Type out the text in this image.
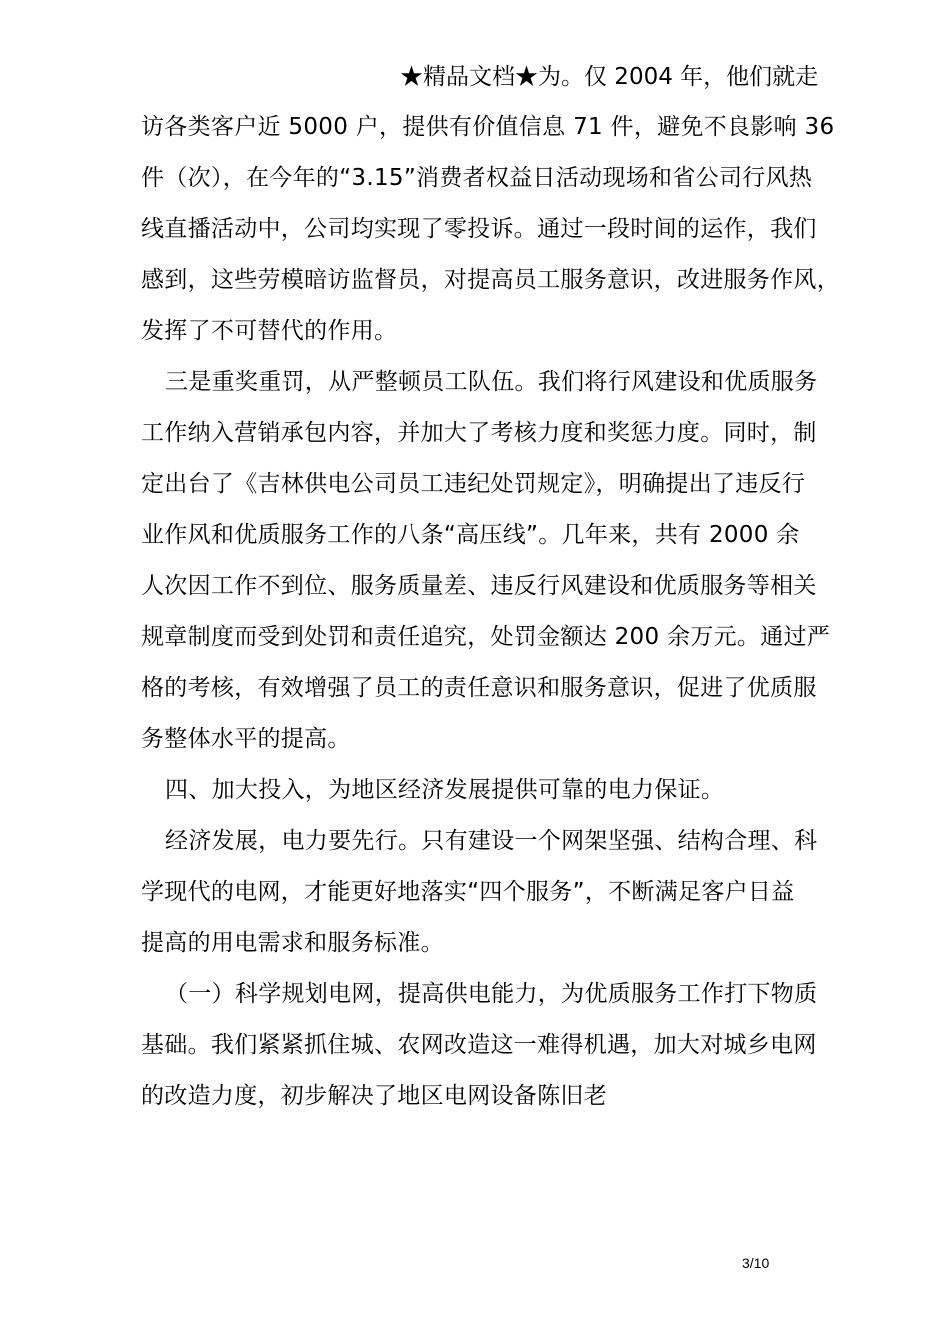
★精品文档★为。仅 2004 年，他们就走
访各类客户近 5000 户，提供有价值信息 71 件，避免不良影响 36
件（次），在今年的“3.15”消费者权益日活动现场和省公司行风热
线直播活动中，公司均实现了零投诉。通过一段时间的运作，我们
感到，这些劳模暗访监督员，对提高员工服务意识，改进服务作风，
发挥了不可替代的作用。
三是重奖重罚，从严整顿员工队伍。我们将行风建设和优质服务
工作纳入营销承包内容，并加大了考核力度和奖惩力度。同时，制
定出台了《吉林供电公司员工违纪处罚规定》，明确提出了违反行
业作风和优质服务工作的八条“高压线”。几年来，共有 2000 余
人次因工作不到位、服务质量差、违反行风建设和优质服务等相关
规章制度而受到处罚和责任追究，处罚金额达 200 余万元。通过严
格的考核，有效增强了员工的责任意识和服务意识，促进了优质服
务整体水平的提高。
四、加大投入，为地区经济发展提供可靠的电力保证。
经济发展，电力要先行。只有建设一个网架坚强、结构合理、科
学现代的电网，才能更好地落实“四个服务”，不断满足客户日益
提高的用电需求和服务标准。
（一）科学规划电网，提高供电能力，为优质服务工作打下物质
基础。我们紧紧抓住城、农网改造这一难得机遇，加大对城乡电网
的改造力度，初步解决了地区电网设备陈旧老
3/10
